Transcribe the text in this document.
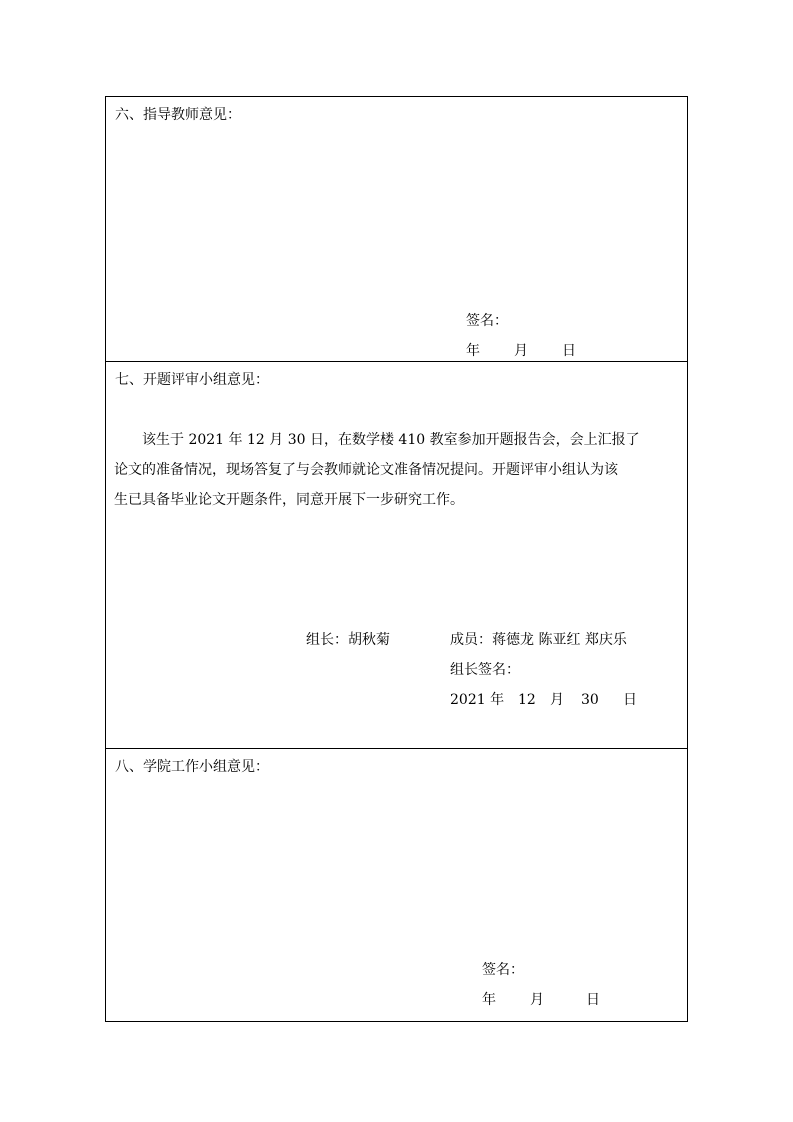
六、指导教师意见：
签名：
年 月 日
七、开题评审小组意见：
该生于 2021 年 12 月 30 日，在数学楼 410 教室参加开题报告会，会上汇报了
论文的准备情况，现场答复了与会教师就论文准备情况提问。开题评审小组认为该
生已具备毕业论文开题条件，同意开展下一步研究工作。
组长：胡秋菊	成员：蒋德龙 陈亚红 郑庆乐
组长签名：
2021 年 12 月 30 日
八、学院工作小组意见：
签名：
年 月	日
